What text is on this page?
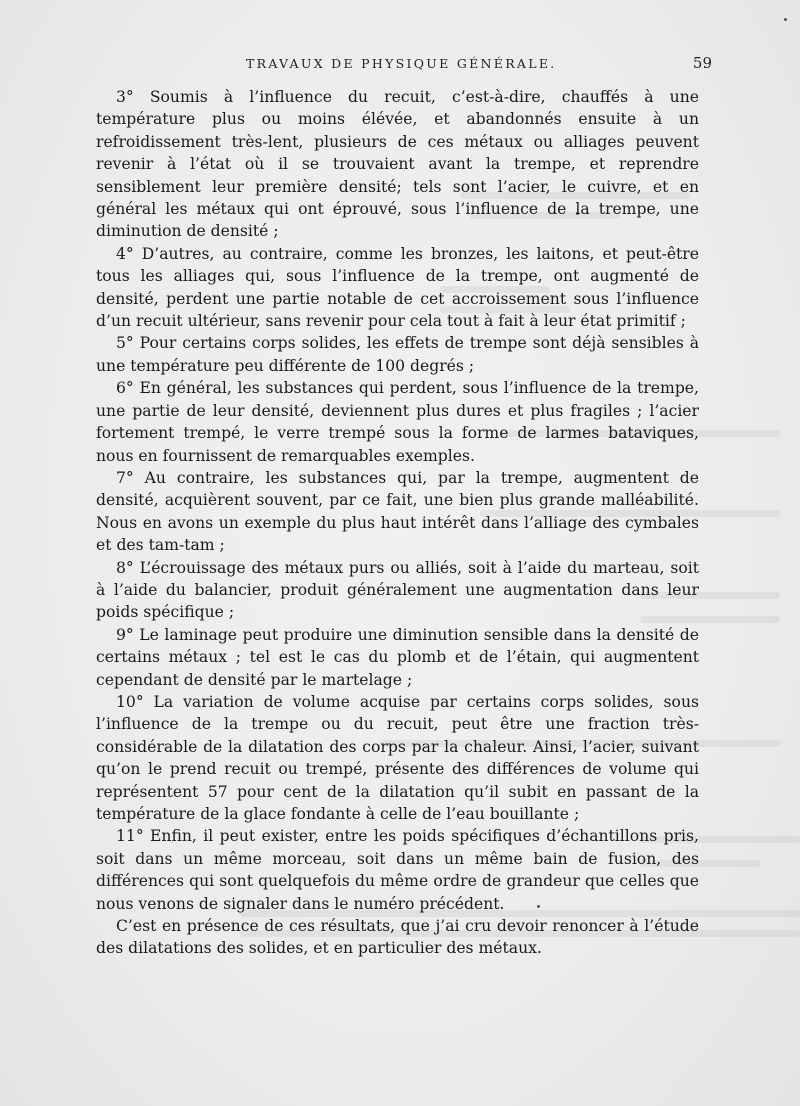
TRAVAUX DE PHYSIQUE GÉNÉRALE.	59

3° Soumis à l’influence du recuit, c’est-à-dire, chauffés à une température plus ou moins élévée, et abandonnés ensuite à un refroidissement très-lent, plusieurs de ces métaux ou alliages peuvent revenir à l’état où il se trouvaient avant la trempe, et reprendre sensiblement leur première densité; tels sont l’acier, le cuivre, et en général les métaux qui ont éprouvé, sous l’influence de la trempe, une diminution de densité ;

4° D’autres, au contraire, comme les bronzes, les laitons, et peut-être tous les alliages qui, sous l’influence de la trempe, ont augmenté de densité, perdent une partie notable de cet accroissement sous l’influence d’un recuit ultérieur, sans revenir pour cela tout à fait à leur état primitif ;

5° Pour certains corps solides, les effets de trempe sont déjà sensibles à une température peu différente de 100 degrés ;

6° En général, les substances qui perdent, sous l’influence de la trempe, une partie de leur densité, deviennent plus dures et plus fragiles ; l’acier fortement trempé, le verre trempé sous la forme de larmes bataviques, nous en fournissent de remarquables exemples.

7° Au contraire, les substances qui, par la trempe, augmentent de densité, acquièrent souvent, par ce fait, une bien plus grande malléabilité. Nous en avons un exemple du plus haut intérêt dans l’alliage des cymbales et des tam-tam ;

8° L’écrouissage des métaux purs ou alliés, soit à l’aide du marteau, soit à l’aide du balancier, produit généralement une augmentation dans leur poids spécifique ;

9° Le laminage peut produire une diminution sensible dans la densité de certains métaux ; tel est le cas du plomb et de l’étain, qui augmentent cependant de densité par le martelage ;

10° La variation de volume acquise par certains corps solides, sous l’influence de la trempe ou du recuit, peut être une fraction très-considérable de la dilatation des corps par la chaleur. Ainsi, l’acier, suivant qu’on le prend recuit ou trempé, présente des différences de volume qui représentent 57 pour cent de la dilatation qu’il subit en passant de la température de la glace fondante à celle de l’eau bouillante ;

11° Enfin, il peut exister, entre les poids spécifiques d’échantillons pris, soit dans un même morceau, soit dans un même bain de fusion, des différences qui sont quelquefois du même ordre de grandeur que celles que nous venons de signaler dans le numéro précédent.

C’est en présence de ces résultats, que j’ai cru devoir renoncer à l’étude des dilatations des solides, et en particulier des métaux.
